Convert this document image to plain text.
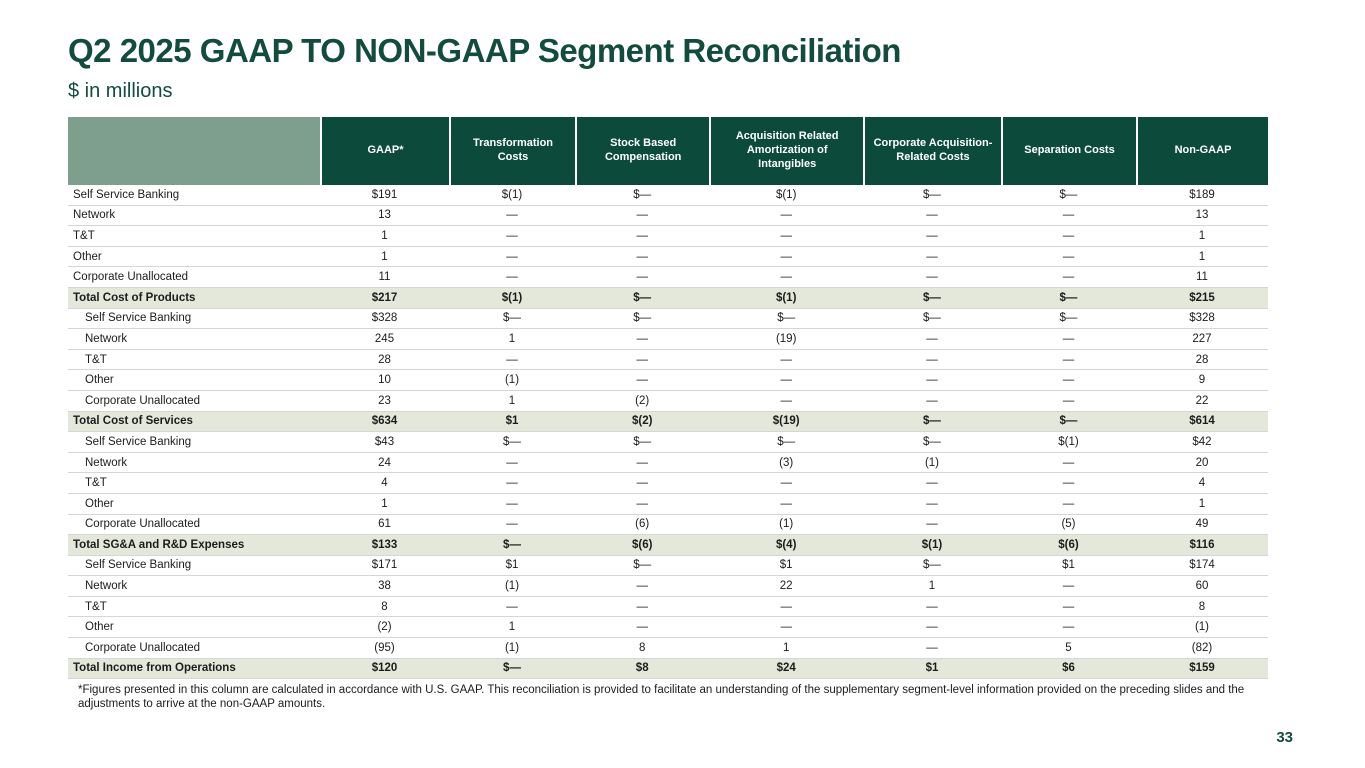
Q2 2025 GAAP TO NON-GAAP Segment Reconciliation
$ in millions
	GAAP*	Transformation Costs	Stock Based Compensation	Acquisition Related Amortization of Intangibles	Corporate Acquisition-Related Costs	Separation Costs	Non-GAAP
Self Service Banking	$191	$(1)	$—	$(1)	$—	$—	$189
Network	13	—	—	—	—	—	13
T&T	1	—	—	—	—	—	1
Other	1	—	—	—	—	—	1
Corporate Unallocated	11	—	—	—	—	—	11
Total Cost of Products	$217	$(1)	$—	$(1)	$—	$—	$215
Self Service Banking	$328	$—	$—	$—	$—	$—	$328
Network	245	1	—	(19)	—	—	227
T&T	28	—	—	—	—	—	28
Other	10	(1)	—	—	—	—	9
Corporate Unallocated	23	1	(2)	—	—	—	22
Total Cost of Services	$634	$1	$(2)	$(19)	$—	$—	$614
Self Service Banking	$43	$—	$—	$—	$—	$(1)	$42
Network	24	—	—	(3)	(1)	—	20
T&T	4	—	—	—	—	—	4
Other	1	—	—	—	—	—	1
Corporate Unallocated	61	—	(6)	(1)	—	(5)	49
Total SG&A and R&D Expenses	$133	$—	$(6)	$(4)	$(1)	$(6)	$116
Self Service Banking	$171	$1	$—	$1	$—	$1	$174
Network	38	(1)	—	22	1	—	60
T&T	8	—	—	—	—	—	8
Other	(2)	1	—	—	—	—	(1)
Corporate Unallocated	(95)	(1)	8	1	—	5	(82)
Total Income from Operations	$120	$—	$8	$24	$1	$6	$159
*Figures presented in this column are calculated in accordance with U.S. GAAP. This reconciliation is provided to facilitate an understanding of the supplementary segment-level information provided on the preceding slides and the adjustments to arrive at the non-GAAP amounts.
33
